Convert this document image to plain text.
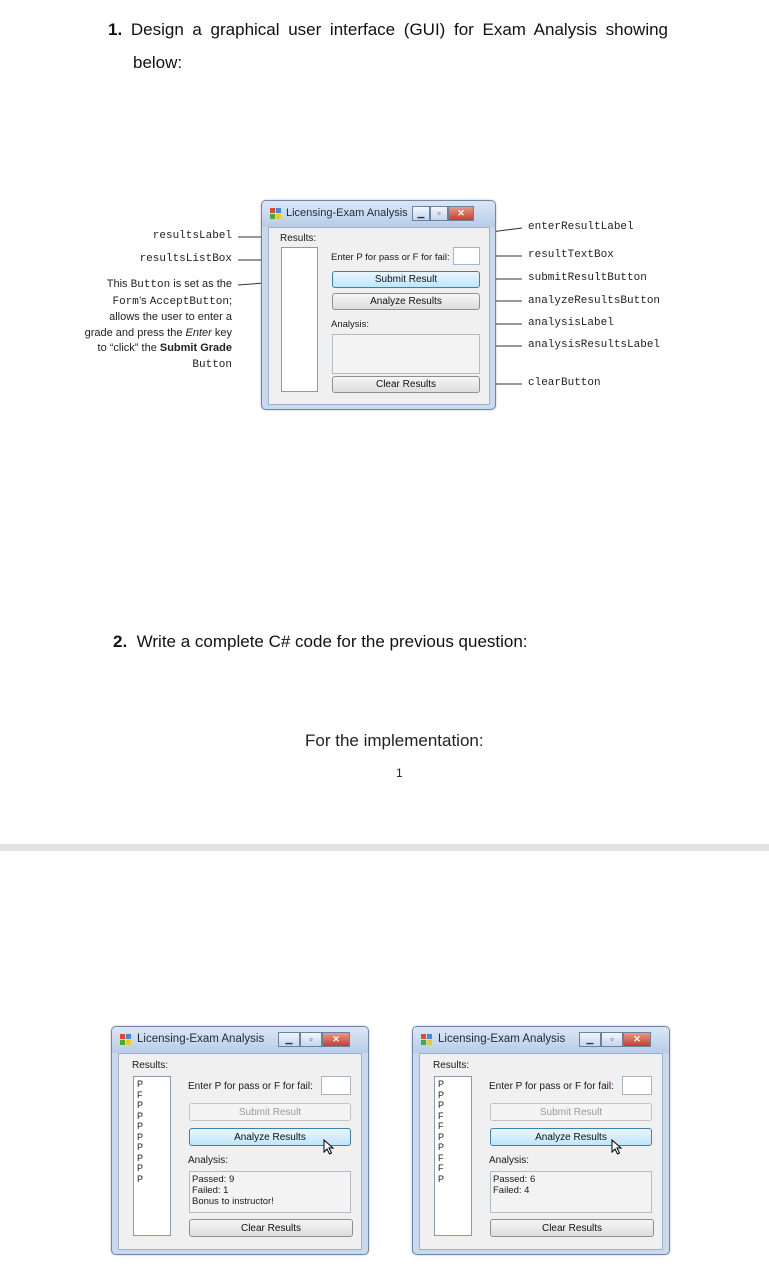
1. Design a graphical user interface (GUI) for Exam Analysis showing
below:
resultsLabel
resultsListBox
This Button is set as the
Form’s AcceptButton;
allows the user to enter a
grade and press the Enter key
to “click” the Submit Grade
Button
enterResultLabel
resultTextBox
submitResultButton
analyzeResultsButton
analysisLabel
analysisResultsLabel
clearButton
Licensing-Exam Analysis	▁	▫	✕
Results:
Enter P for pass or F for fail:
Submit Result
Analyze Results
Analysis:
Clear Results
2. Write a complete C# code for the previous question:
For the implementation:
1
Licensing-Exam Analysis	▁	▫	✕
Results:
P
F
P
P
P
P
P
P
P
P
Enter P for pass or F for fail:
Submit Result
Analyze Results
Analysis:
Passed: 9
Failed: 1
Bonus to instructor!
Clear Results
Licensing-Exam Analysis	▁	▫	✕
Results:
P
P
P
F
F
P
P
F
F
P
Enter P for pass or F for fail:
Submit Result
Analyze Results
Analysis:
Passed: 6
Failed: 4
Clear Results
